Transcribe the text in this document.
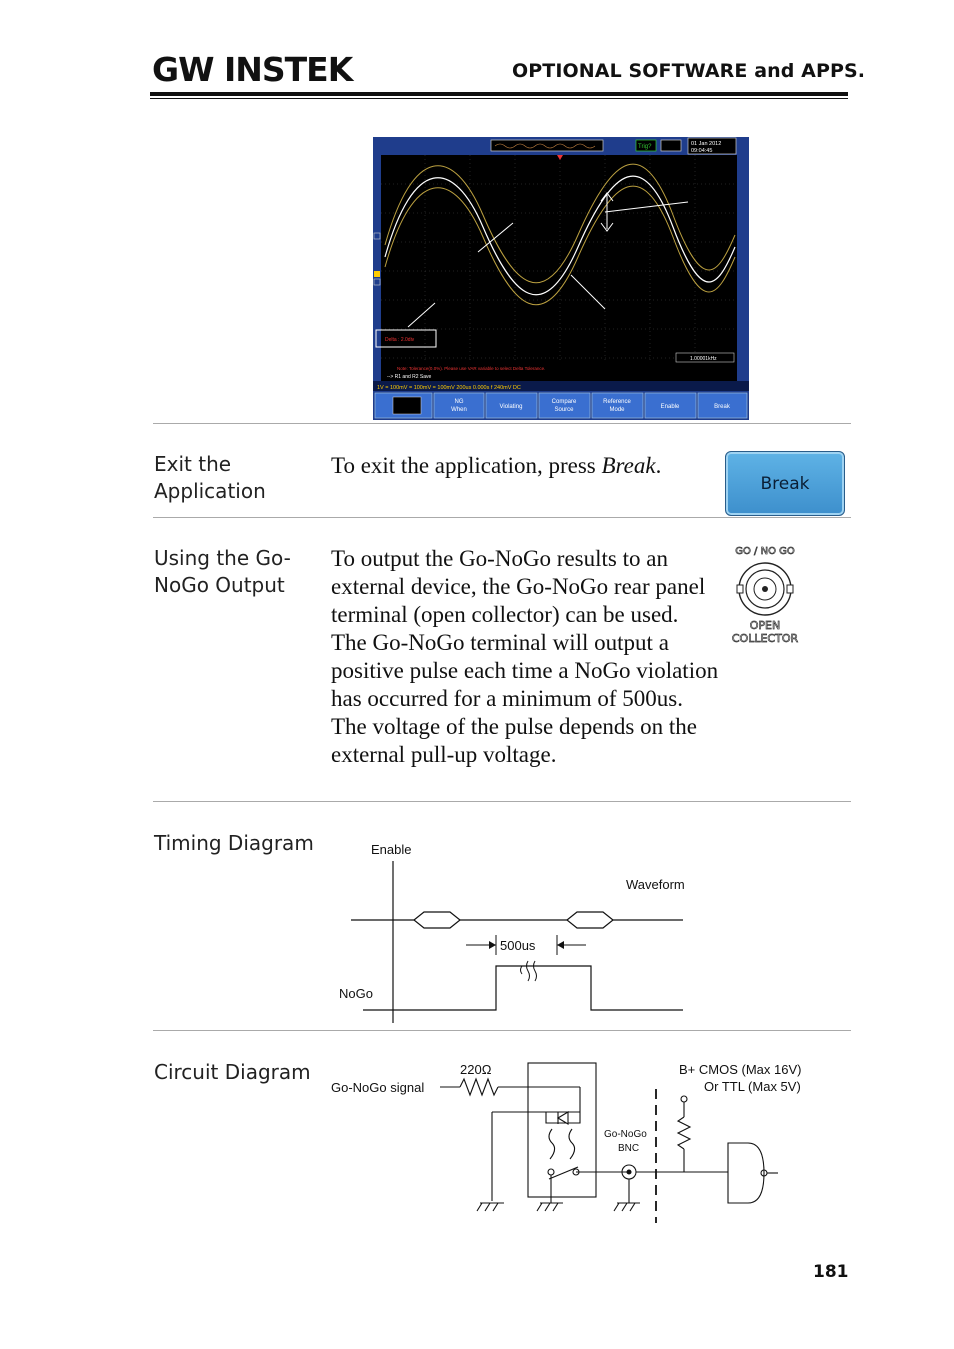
GW INSTEK	OPTIONAL SOFTWARE and APPS.
Trig?	01 Jan 2012
09:04:45
Delta : 2.0div
1.00001kHz
Note: Tolerance(0.0%). Please use VAR variable to select Delta Tolerance.
--> R1 and R2 Save
1V = 100mV = 100mV = 100mV 200us 0.000s f 240mV DC
NG
When	Violating
Compare
Source
Reference
Mode	Enable	Break
Exit the Application
To exit the application, press Break.
Break
Using the Go-NoGo Output
To output the Go-NoGo results to an external device, the Go-NoGo rear panel terminal (open collector) can be used. The Go-NoGo terminal will output a positive pulse each time a NoGo violation has occurred for a minimum of 500us. The voltage of the pulse depends on the external pull-up voltage.
GO / NO GO
OPEN
COLLECTOR
Timing Diagram	Enable
Waveform
500us
NoGo
Circuit Diagram
Go-NoGo signal
220Ω
Go-NoGo
BNC
B+ CMOS (Max 16V)
Or TTL (Max 5V)
181
